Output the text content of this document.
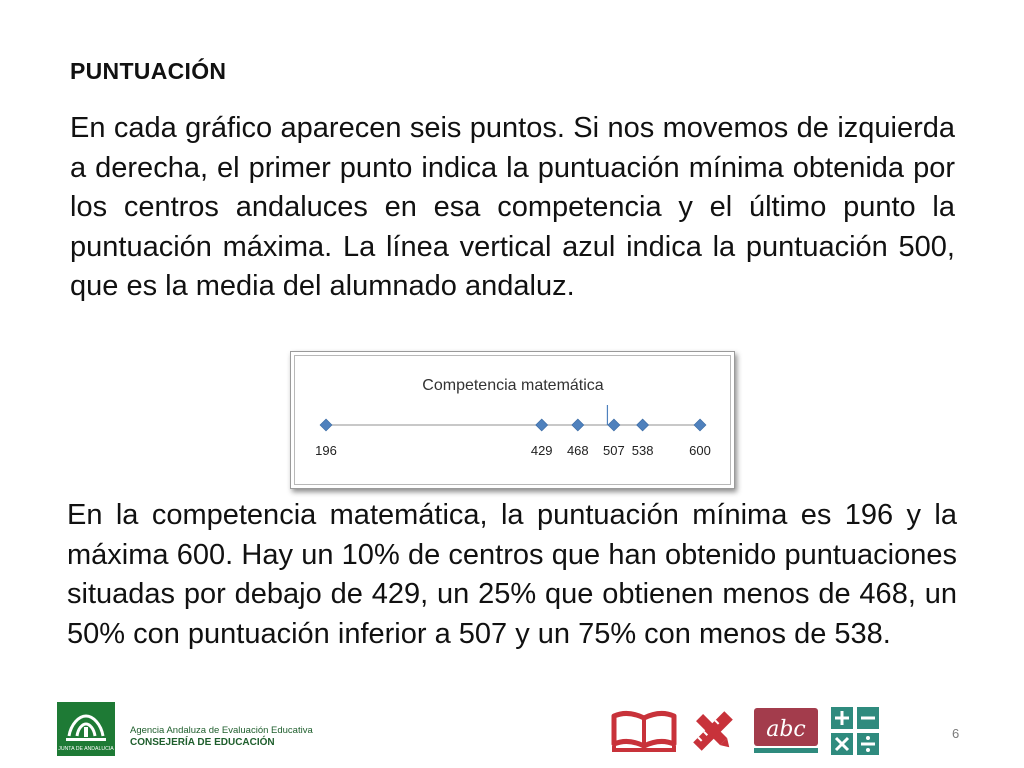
PUNTUACIÓN
En cada gráfico aparecen seis puntos. Si nos movemos de izquierda a derecha, el primer punto indica la puntuación mínima obtenida por los centros andaluces en esa competencia y el último punto la puntuación máxima. La línea vertical azul indica la puntuación 500, que es la media del alumnado andaluz.
Competencia matemática
196	429 468 507 538	600
En la competencia matemática, la puntuación mínima es 196 y la máxima 600. Hay un 10% de centros que han obtenido puntuaciones situadas por debajo de 429, un 25% que obtienen menos de 468, un 50% con puntuación inferior a 507 y un 75% con menos de 538.
JUNTA DE ANDALUCIA
Agencia Andaluza de Evaluación Educativa
CONSEJERÍA DE EDUCACIÓN
abc	6
